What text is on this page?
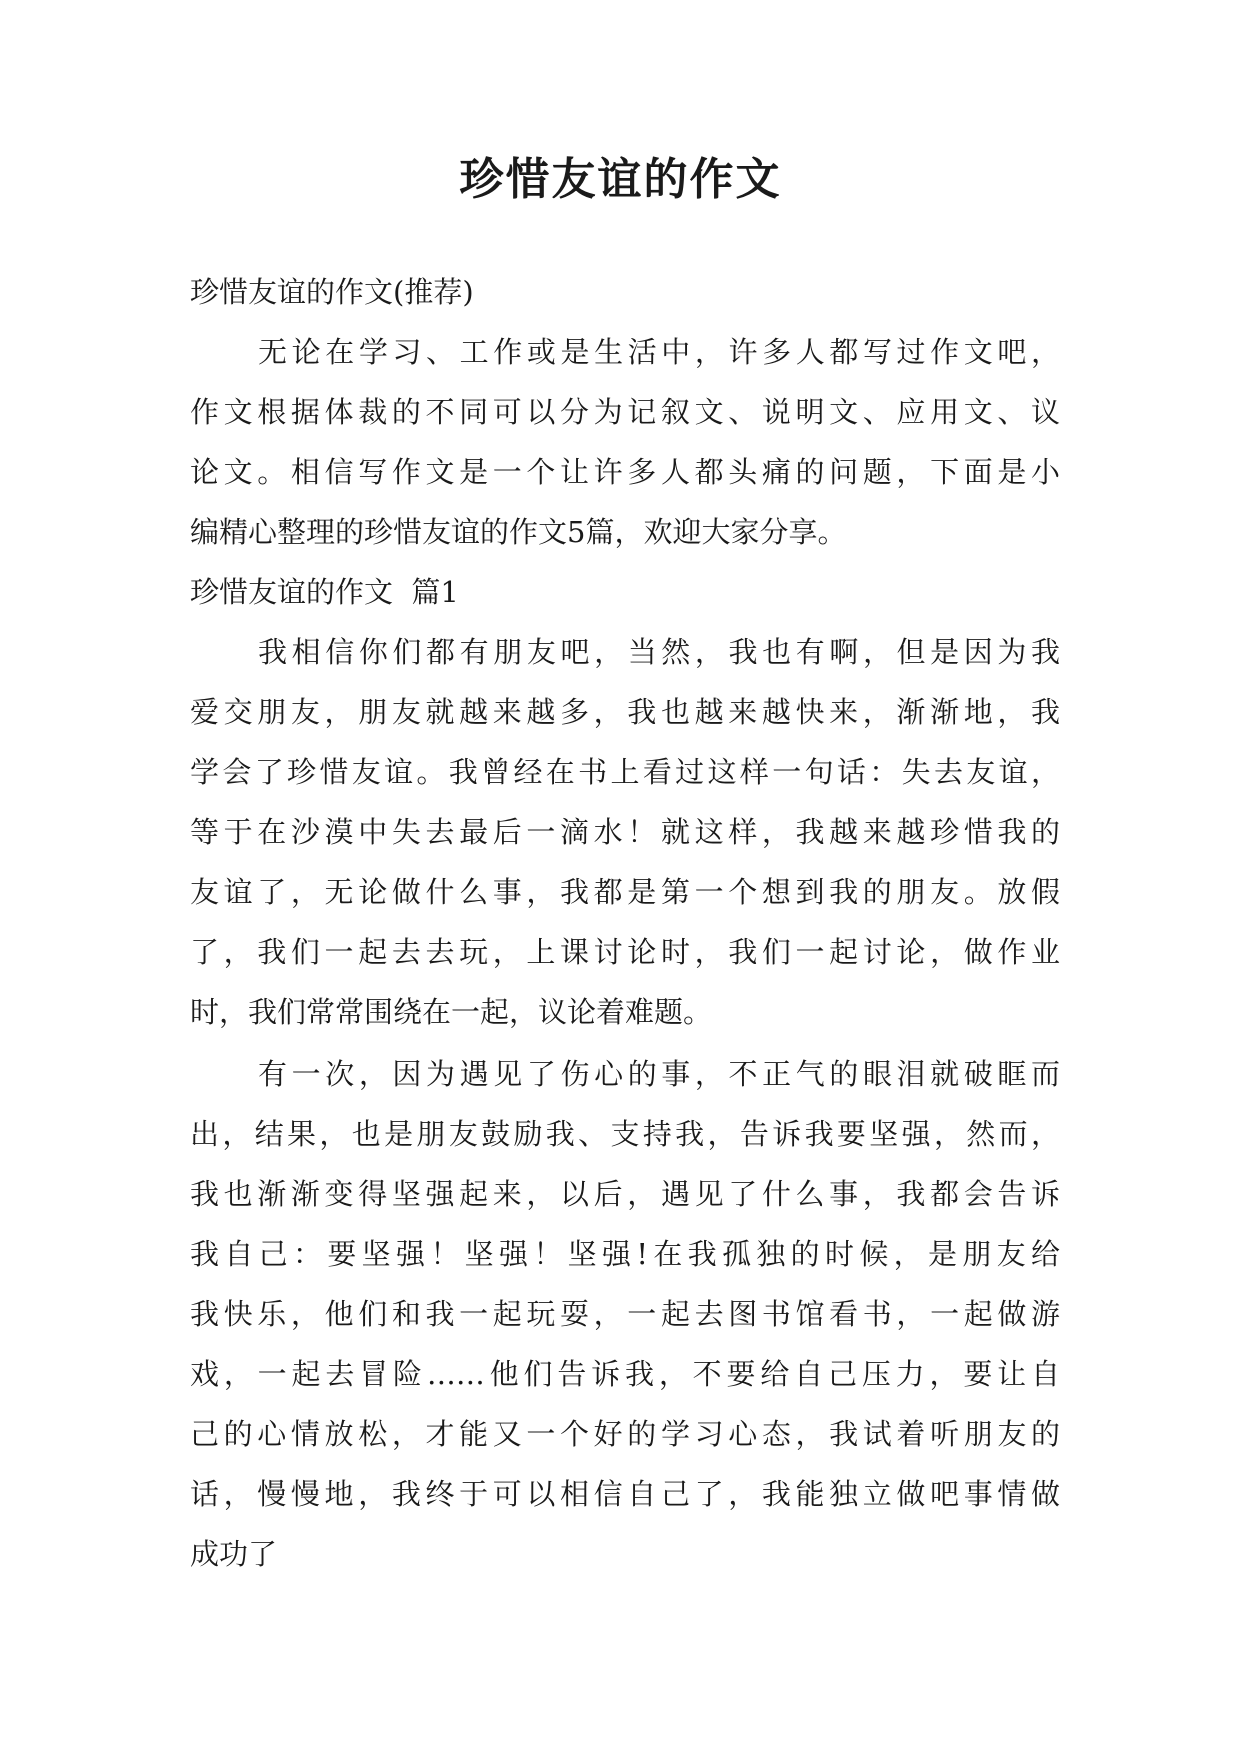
珍惜友谊的作文
珍惜友谊的作文(推荐)
无论在学习、工作或是生活中，许多人都写过作文吧，
作文根据体裁的不同可以分为记叙文、说明文、应用文、议
论文。相信写作文是一个让许多人都头痛的问题，下面是小
编精心整理的珍惜友谊的作文5篇，欢迎大家分享。
珍惜友谊的作文  篇1
我相信你们都有朋友吧，当然，我也有啊，但是因为我
爱交朋友，朋友就越来越多，我也越来越快来，渐渐地，我
学会了珍惜友谊。我曾经在书上看过这样一句话：失去友谊，
等于在沙漠中失去最后一滴水！就这样，我越来越珍惜我的
友谊了，无论做什么事，我都是第一个想到我的朋友。放假
了，我们一起去去玩，上课讨论时，我们一起讨论，做作业
时，我们常常围绕在一起，议论着难题。
有一次，因为遇见了伤心的事，不正气的眼泪就破眶而
出，结果，也是朋友鼓励我、支持我，告诉我要坚强，然而，
我也渐渐变得坚强起来，以后，遇见了什么事，我都会告诉
我自己：要坚强！坚强！坚强!在我孤独的时候，是朋友给
我快乐，他们和我一起玩耍，一起去图书馆看书，一起做游
戏，一起去冒险……他们告诉我，不要给自己压力，要让自
己的心情放松，才能又一个好的学习心态，我试着听朋友的
话，慢慢地，我终于可以相信自己了，我能独立做吧事情做
成功了
